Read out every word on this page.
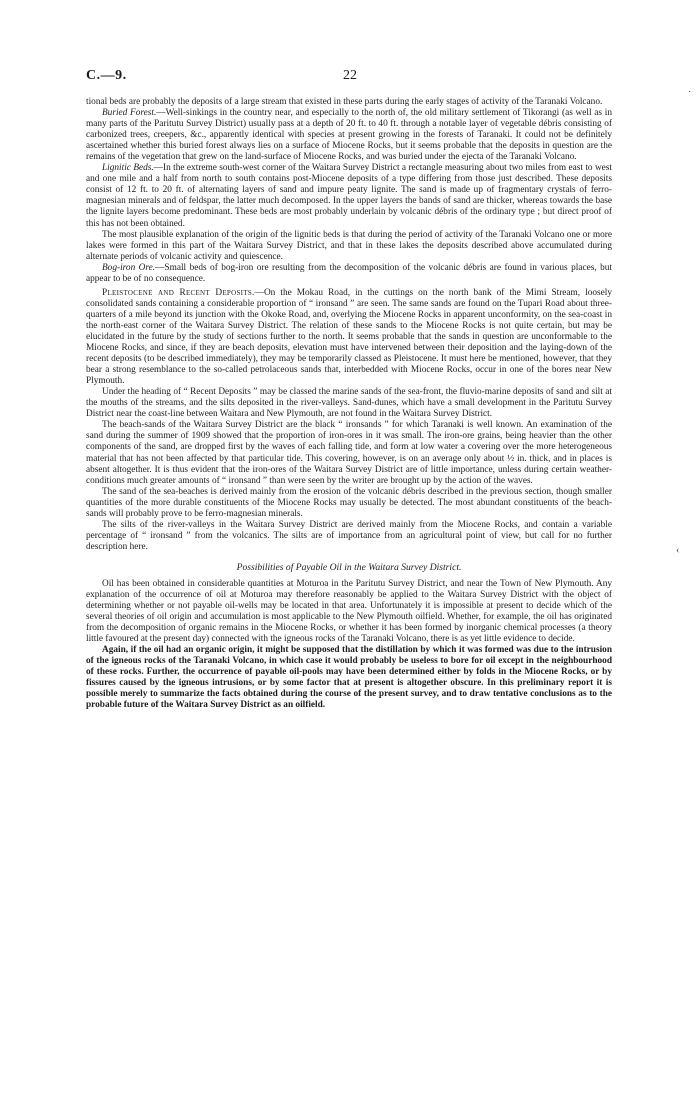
C.—9.	22
˙
‹

tional beds are probably the deposits of a large stream that existed in these parts during the early stages of activity of the Taranaki Volcano.

Buried Forest.—Well-sinkings in the country near, and especially to the north of, the old military settlement of Tikorangi (as well as in many parts of the Paritutu Survey District) usually pass at a depth of 20 ft. to 40 ft. through a notable layer of vegetable débris consisting of carbonized trees, creepers, &c., apparently identical with species at present growing in the forests of Taranaki. It could not be definitely ascertained whether this buried forest always lies on a surface of Miocene Rocks, but it seems probable that the deposits in question are the remains of the vegetation that grew on the land-surface of Miocene Rocks, and was buried under the ejecta of the Taranaki Volcano.

Lignitic Beds.—In the extreme south-west corner of the Waitara Survey District a rectangle measuring about two miles from east to west and one mile and a half from north to south contains post-Miocene deposits of a type differing from those just described. These deposits consist of 12 ft. to 20 ft. of alternating layers of sand and impure peaty lignite. The sand is made up of fragmentary crystals of ferro-magnesian minerals and of feldspar, the latter much decomposed. In the upper layers the bands of sand are thicker, whereas towards the base the lignite layers become predominant. These beds are most probably underlain by volcanic débris of the ordinary type ; but direct proof of this has not been obtained.

The most plausible explanation of the origin of the lignitic beds is that during the period of activity of the Taranaki Volcano one or more lakes were formed in this part of the Waitara Survey District, and that in these lakes the deposits described above accumulated during alternate periods of volcanic activity and quiescence.

Bog-iron Ore.—Small beds of bog-iron ore resulting from the decomposition of the volcanic débris are found in various places, but appear to be of no consequence.

Pleistocene and Recent Deposits.—On the Mokau Road, in the cuttings on the north bank of the Mimi Stream, loosely consolidated sands containing a considerable proportion of “ ironsand ” are seen. The same sands are found on the Tupari Road about three-quarters of a mile beyond its junction with the Okoke Road, and, overlying the Miocene Rocks in apparent unconformity, on the sea-coast in the north-east corner of the Waitara Survey District. The relation of these sands to the Miocene Rocks is not quite certain, but may be elucidated in the future by the study of sections further to the north. It seems probable that the sands in question are unconformable to the Miocene Rocks, and since, if they are beach deposits, elevation must have intervened between their deposition and the laying-down of the recent deposits (to be described immediately), they may be temporarily classed as Pleistocene. It must here be mentioned, however, that they bear a strong resemblance to the so-called petrolaceous sands that, interbedded with Miocene Rocks, occur in one of the bores near New Plymouth.

Under the heading of “ Recent Deposits ” may be classed the marine sands of the sea-front, the fluvio-marine deposits of sand and silt at the mouths of the streams, and the silts deposited in the river-valleys. Sand-dunes, which have a small development in the Paritutu Survey District near the coast-line between Waitara and New Plymouth, are not found in the Waitara Survey District.

The beach-sands of the Waitara Survey District are the black “ ironsands ” for which Taranaki is well known. An examination of the sand during the summer of 1909 showed that the proportion of iron-ores in it was small. The iron-ore grains, being heavier than the other components of the sand, are dropped first by the waves of each falling tide, and form at low water a covering over the more heterogeneous material that has not been affected by that particular tide. This covering, however, is on an average only about ½ in. thick, and in places is absent altogether. It is thus evident that the iron-ores of the Waitara Survey District are of little importance, unless during certain weather-conditions much greater amounts of “ ironsand ” than were seen by the writer are brought up by the action of the waves.

The sand of the sea-beaches is derived mainly from the erosion of the volcanic débris described in the previous section, though smaller quantities of the more durable constituents of the Miocene Rocks may usually be detected. The most abundant constituents of the beach-sands will probably prove to be ferro-magnesian minerals.

The silts of the river-valleys in the Waitara Survey District are derived mainly from the Miocene Rocks, and contain a variable percentage of “ ironsand ” from the volcanics. The silts are of importance from an agricultural point of view, but call for no further description here.

Possibilities of Payable Oil in the Waitara Survey District.

Oil has been obtained in considerable quantities at Moturoa in the Paritutu Survey District, and near the Town of New Plymouth. Any explanation of the occurrence of oil at Moturoa may therefore reasonably be applied to the Waitara Survey District with the object of determining whether or not payable oil-wells may be located in that area. Unfortunately it is impossible at present to decide which of the several theories of oil origin and accumulation is most applicable to the New Plymouth oilfield. Whether, for example, the oil has originated from the decomposition of organic remains in the Miocene Rocks, or whether it has been formed by inorganic chemical processes (a theory little favoured at the present day) connected with the igneous rocks of the Taranaki Volcano, there is as yet little evidence to decide.

Again, if the oil had an organic origin, it might be supposed that the distillation by which it was formed was due to the intrusion of the igneous rocks of the Taranaki Volcano, in which case it would probably be useless to bore for oil except in the neighbourhood of these rocks. Further, the occurrence of payable oil-pools may have been determined either by folds in the Miocene Rocks, or by fissures caused by the igneous intrusions, or by some factor that at present is altogether obscure. In this preliminary report it is possible merely to summarize the facts obtained during the course of the present survey, and to draw tentative conclusions as to the probable future of the Waitara Survey District as an oilfield.
